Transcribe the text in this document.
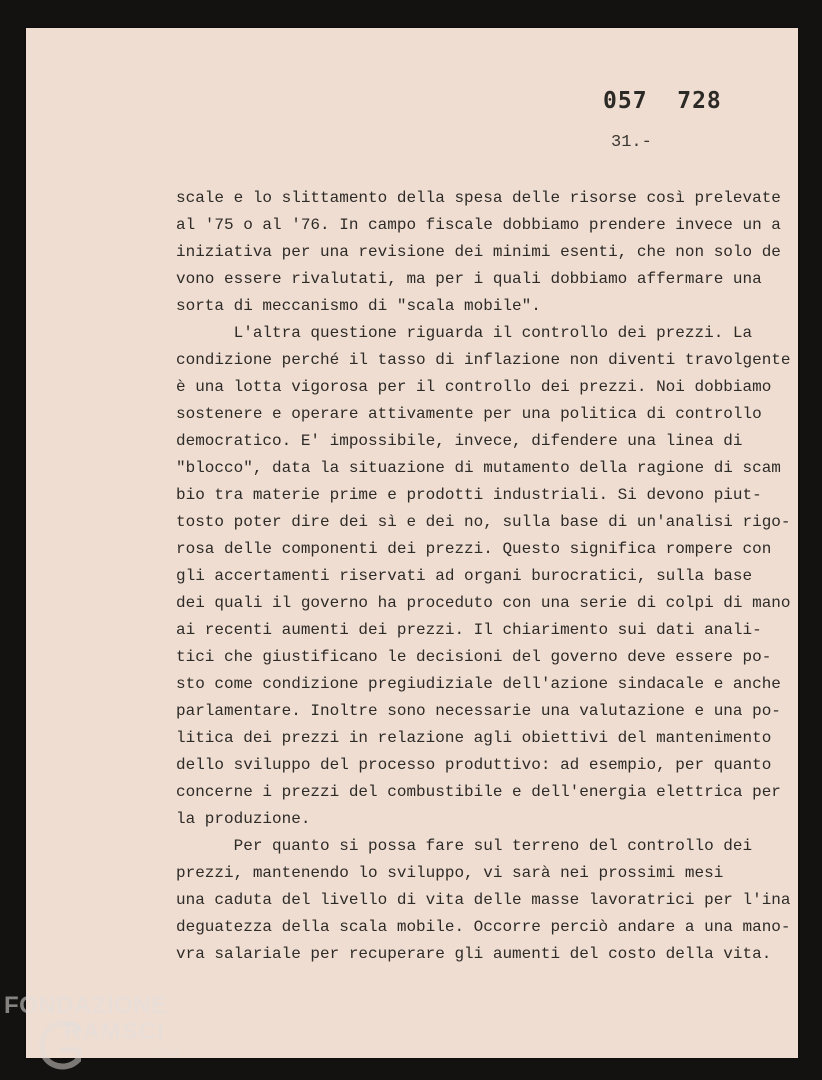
057  728
31.-
scale e lo slittamento della spesa delle risorse così prelevate
al '75 o al '76. In campo fiscale dobbiamo prendere invece un a
iniziativa per una revisione dei minimi esenti, che non solo de
vono essere rivalutati, ma per i quali dobbiamo affermare una
sorta di meccanismo di "scala mobile".
L'altra questione riguarda il controllo dei prezzi. La
condizione perché il tasso di inflazione non diventi travolgente
è una lotta vigorosa per il controllo dei prezzi. Noi dobbiamo
sostenere e operare attivamente per una politica di controllo
democratico. E' impossibile, invece, difendere una linea di
"blocco", data la situazione di mutamento della ragione di scam
bio tra materie prime e prodotti industriali. Si devono piut-
tosto poter dire dei sì e dei no, sulla base di un'analisi rigo-
rosa delle componenti dei prezzi. Questo significa rompere con
gli accertamenti riservati ad organi burocratici, sulla base
dei quali il governo ha proceduto con una serie di colpi di mano
ai recenti aumenti dei prezzi. Il chiarimento sui dati anali-
tici che giustificano le decisioni del governo deve essere po-
sto come condizione pregiudiziale dell'azione sindacale e anche
parlamentare. Inoltre sono necessarie una valutazione e una po-
litica dei prezzi in relazione agli obiettivi del mantenimento
dello sviluppo del processo produttivo: ad esempio, per quanto
concerne i prezzi del combustibile e dell'energia elettrica per
la produzione.
Per quanto si possa fare sul terreno del controllo dei
prezzi, mantenendo lo sviluppo, vi sarà nei prossimi mesi
una caduta del livello di vita delle masse lavoratrici per l'ina
deguatezza della scala mobile. Occorre perciò andare a una mano-
vra salariale per recuperare gli aumenti del costo della vita.
FONDAZIONE
RAMSCI
onlus
